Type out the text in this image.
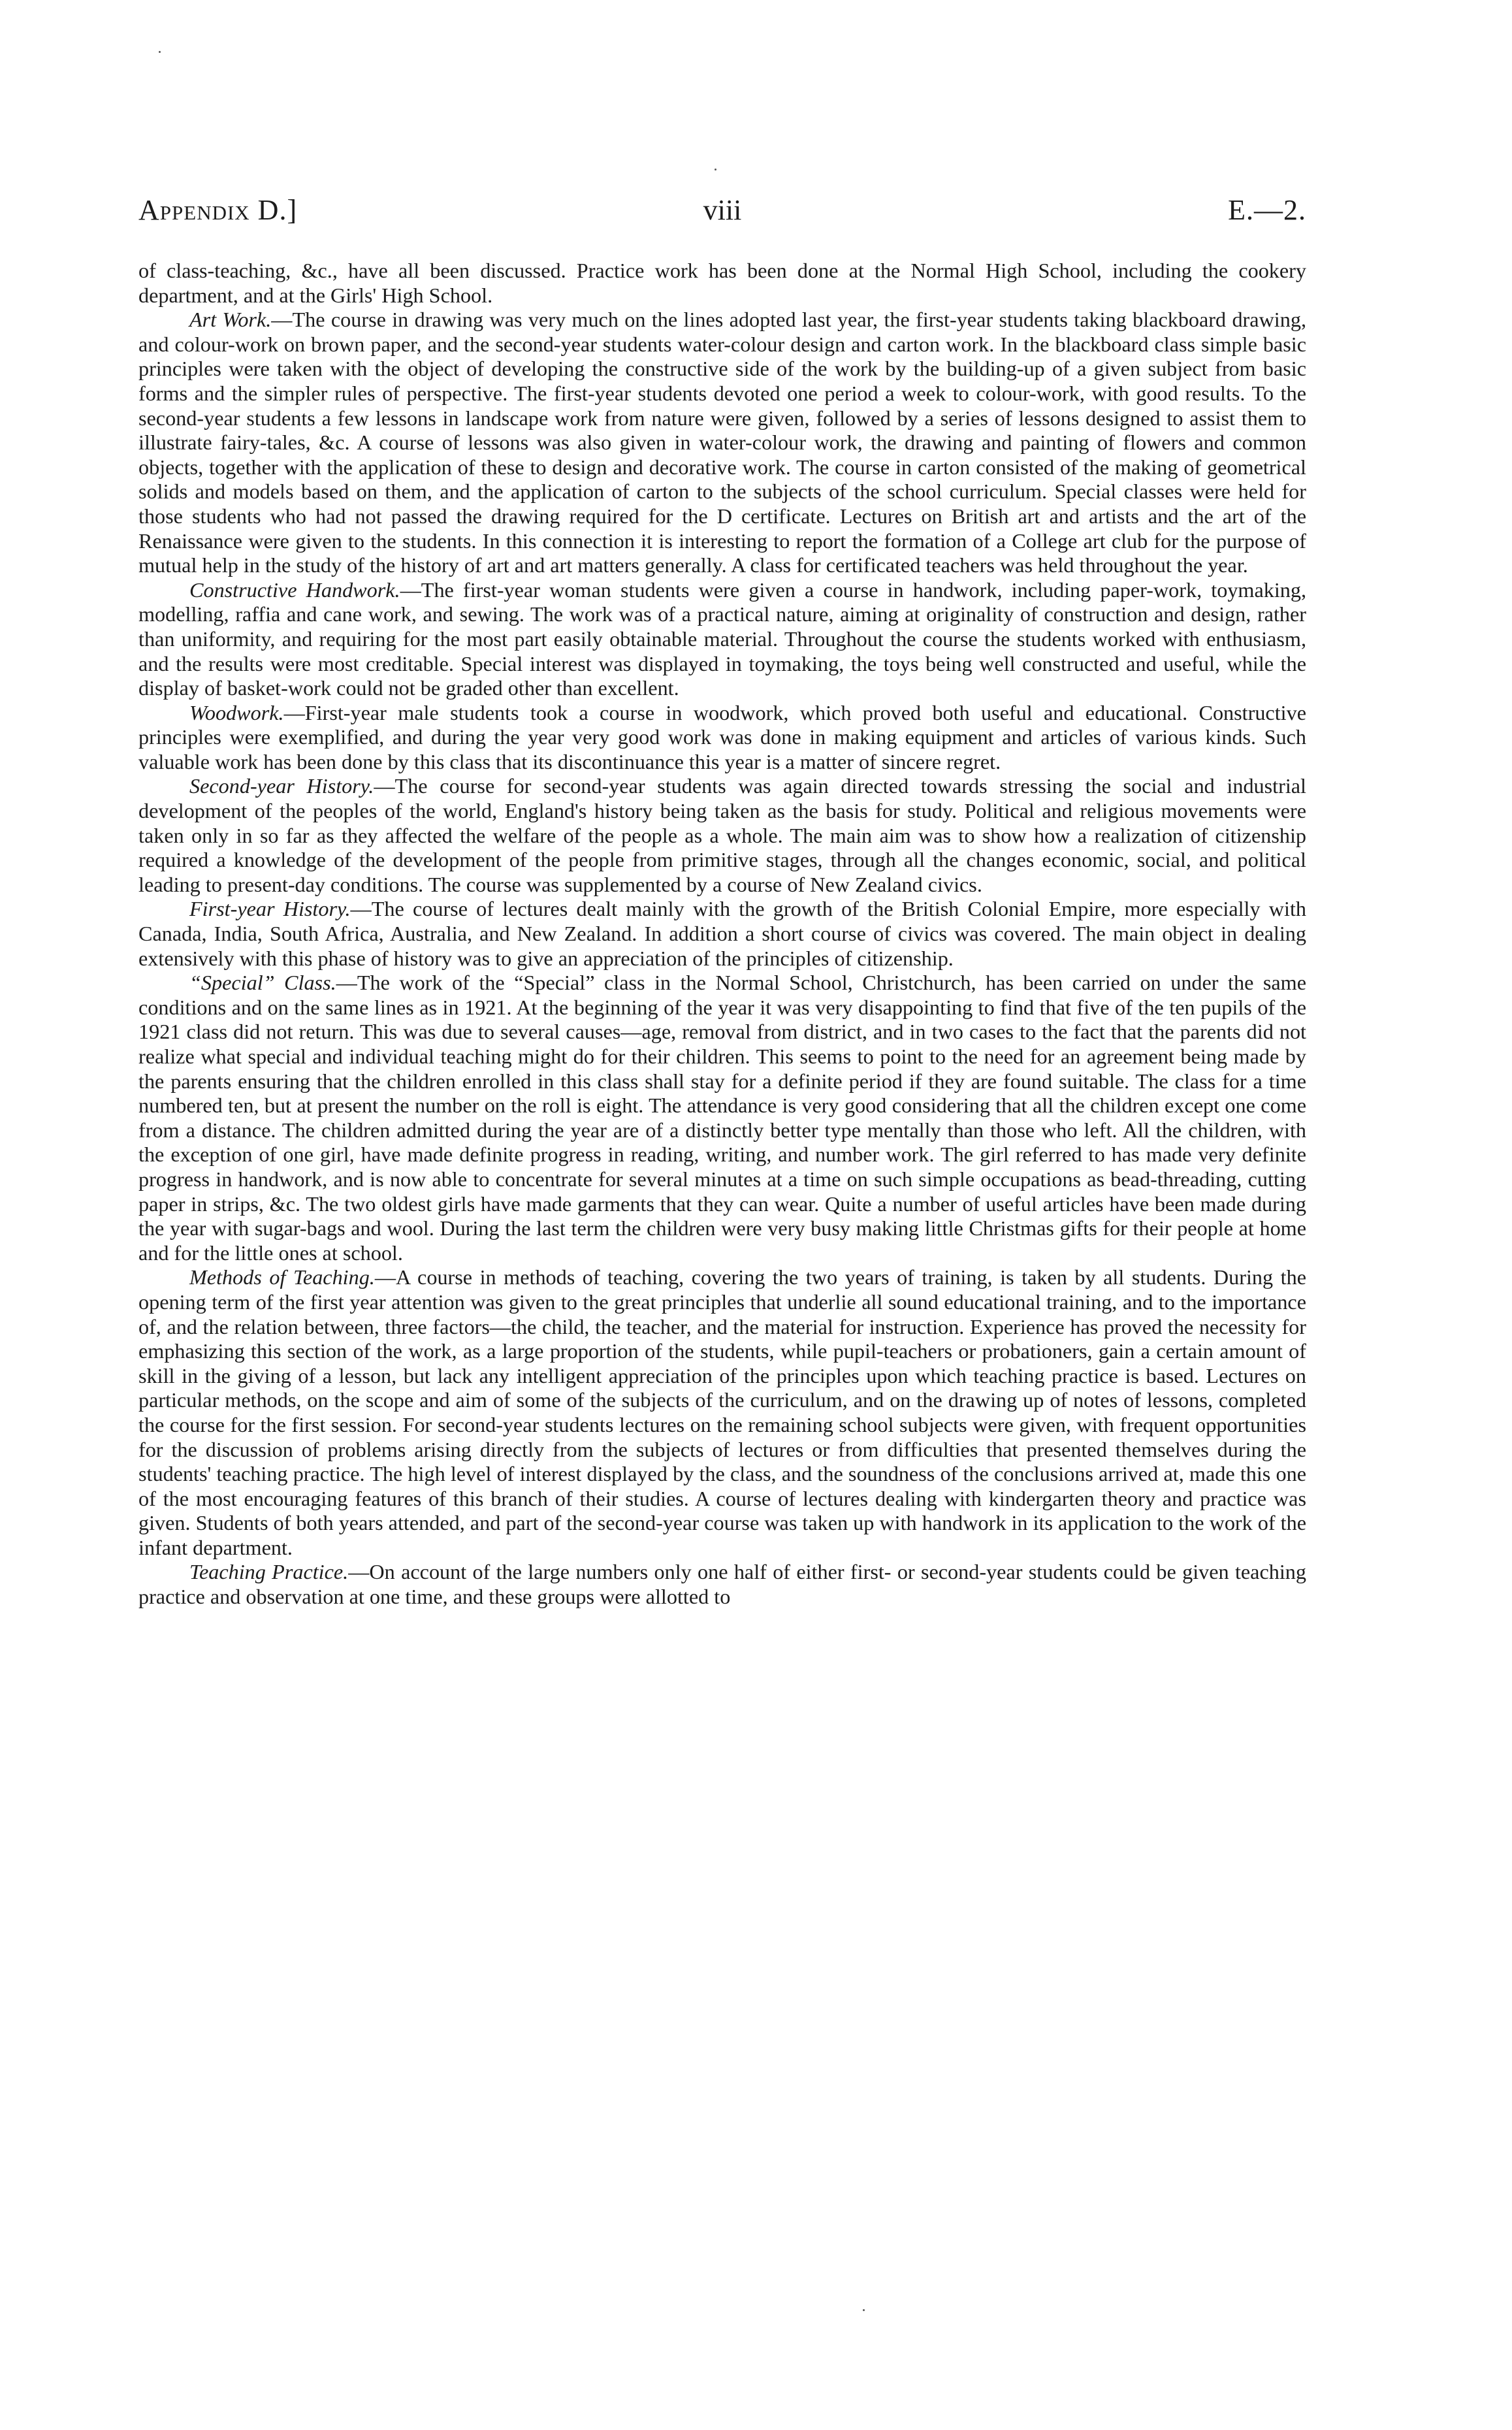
Appendix D.]	viii	E.—2.

of class-teaching, &c., have all been discussed. Practice work has been done at the Normal High School, including the cookery department, and at the Girls' High School.

Art Work.—The course in drawing was very much on the lines adopted last year, the first-year students taking blackboard drawing, and colour-work on brown paper, and the second-year students water-colour design and carton work. In the blackboard class simple basic principles were taken with the object of developing the constructive side of the work by the building-up of a given subject from basic forms and the simpler rules of perspective. The first-year students devoted one period a week to colour-work, with good results. To the second-year students a few lessons in landscape work from nature were given, followed by a series of lessons designed to assist them to illustrate fairy-tales, &c. A course of lessons was also given in water-colour work, the drawing and painting of flowers and common objects, together with the application of these to design and decorative work. The course in carton consisted of the making of geometrical solids and models based on them, and the application of carton to the subjects of the school curriculum. Special classes were held for those students who had not passed the drawing required for the D certificate. Lectures on British art and artists and the art of the Renaissance were given to the students. In this connection it is interesting to report the formation of a College art club for the purpose of mutual help in the study of the history of art and art matters generally. A class for certificated teachers was held throughout the year.

Constructive Handwork.—The first-year woman students were given a course in handwork, including paper-work, toymaking, modelling, raffia and cane work, and sewing. The work was of a practical nature, aiming at originality of construction and design, rather than uniformity, and requiring for the most part easily obtainable material. Throughout the course the students worked with enthusiasm, and the results were most creditable. Special interest was displayed in toymaking, the toys being well constructed and useful, while the display of basket-work could not be graded other than excellent.

Woodwork.—First-year male students took a course in woodwork, which proved both useful and educational. Constructive principles were exemplified, and during the year very good work was done in making equipment and articles of various kinds. Such valuable work has been done by this class that its discontinuance this year is a matter of sincere regret.

Second-year History.—The course for second-year students was again directed towards stressing the social and industrial development of the peoples of the world, England's history being taken as the basis for study. Political and religious movements were taken only in so far as they affected the welfare of the people as a whole. The main aim was to show how a realization of citizenship required a knowledge of the development of the people from primitive stages, through all the changes economic, social, and political leading to present-day conditions. The course was supplemented by a course of New Zealand civics.

First-year History.—The course of lectures dealt mainly with the growth of the British Colonial Empire, more especially with Canada, India, South Africa, Australia, and New Zealand. In addition a short course of civics was covered. The main object in dealing extensively with this phase of history was to give an appreciation of the principles of citizenship.

“Special” Class.—The work of the “Special” class in the Normal School, Christchurch, has been carried on under the same conditions and on the same lines as in 1921. At the beginning of the year it was very disappointing to find that five of the ten pupils of the 1921 class did not return. This was due to several causes—age, removal from district, and in two cases to the fact that the parents did not realize what special and individual teaching might do for their children. This seems to point to the need for an agreement being made by the parents ensuring that the children enrolled in this class shall stay for a definite period if they are found suitable. The class for a time numbered ten, but at present the number on the roll is eight. The attendance is very good considering that all the children except one come from a distance. The children admitted during the year are of a distinctly better type mentally than those who left. All the children, with the exception of one girl, have made definite progress in reading, writing, and number work. The girl referred to has made very definite progress in handwork, and is now able to concentrate for several minutes at a time on such simple occupations as bead-threading, cutting paper in strips, &c. The two oldest girls have made garments that they can wear. Quite a number of useful articles have been made during the year with sugar-bags and wool. During the last term the children were very busy making little Christmas gifts for their people at home and for the little ones at school.

Methods of Teaching.—A course in methods of teaching, covering the two years of training, is taken by all students. During the opening term of the first year attention was given to the great principles that underlie all sound educational training, and to the importance of, and the relation between, three factors—the child, the teacher, and the material for instruction. Experience has proved the necessity for emphasizing this section of the work, as a large proportion of the students, while pupil-teachers or probationers, gain a certain amount of skill in the giving of a lesson, but lack any intelligent appreciation of the principles upon which teaching practice is based. Lectures on particular methods, on the scope and aim of some of the subjects of the curriculum, and on the drawing up of notes of lessons, completed the course for the first session. For second-year students lectures on the remaining school subjects were given, with frequent opportunities for the discussion of problems arising directly from the subjects of lectures or from difficulties that presented themselves during the students' teaching practice. The high level of interest displayed by the class, and the soundness of the conclusions arrived at, made this one of the most encouraging features of this branch of their studies. A course of lectures dealing with kindergarten theory and practice was given. Students of both years attended, and part of the second-year course was taken up with handwork in its application to the work of the infant department.

Teaching Practice.—On account of the large numbers only one half of either first- or second-year students could be given teaching practice and observation at one time, and these groups were allotted to
